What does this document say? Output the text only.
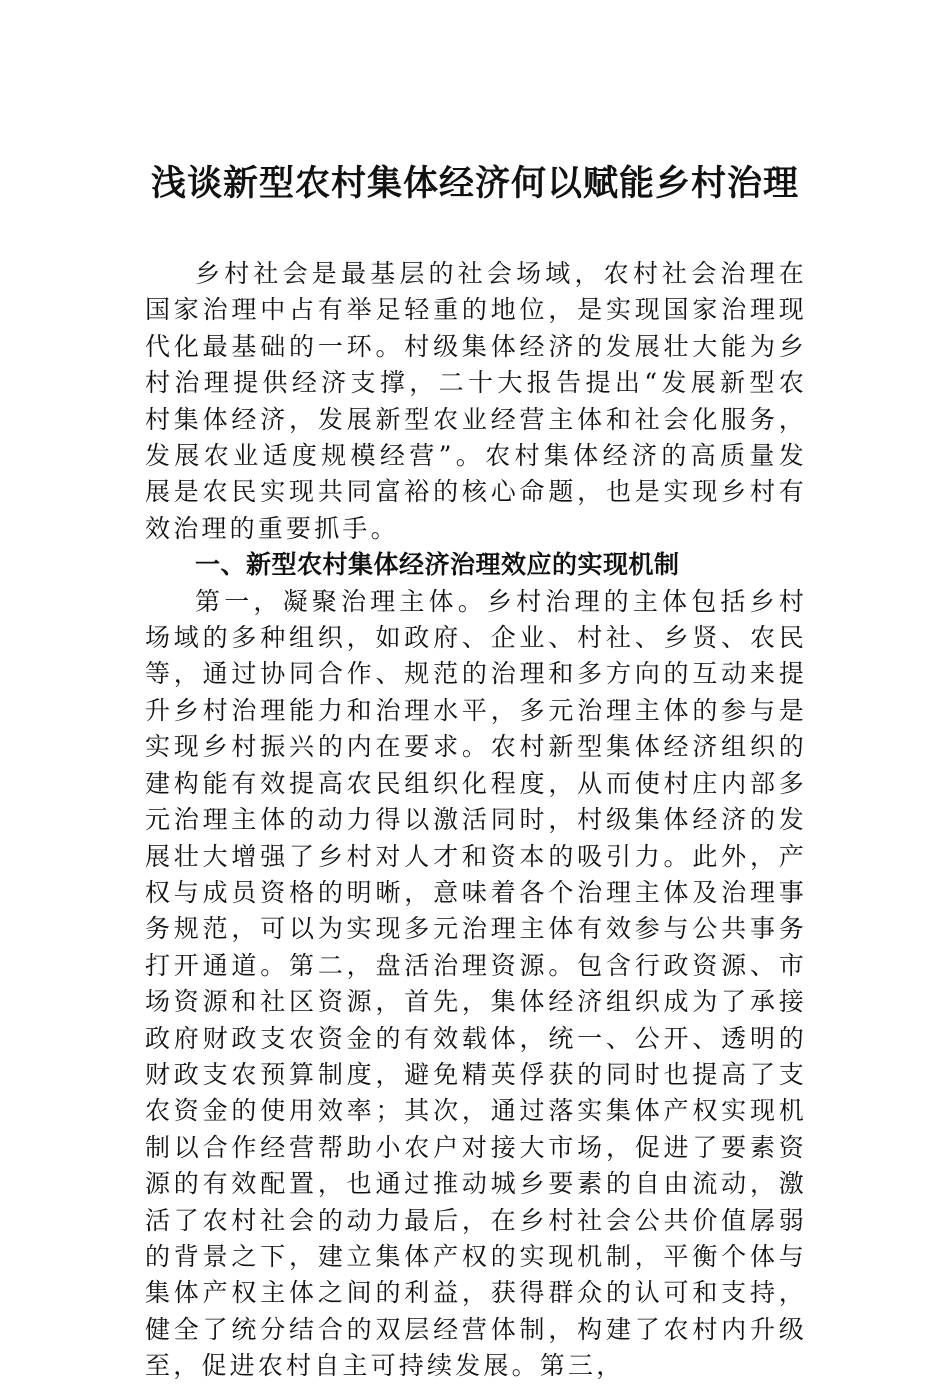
浅谈新型农村集体经济何以赋能乡村治理

乡村社会是最基层的社会场域，农村社会治理在国家治理中占有举足轻重的地位，是实现国家治理现代化最基础的一环。村级集体经济的发展壮大能为乡村治理提供经济支撑，二十大报告提出“发展新型农村集体经济，发展新型农业经营主体和社会化服务，发展农业适度规模经营”。农村集体经济的高质量发展是农民实现共同富裕的核心命题，也是实现乡村有效治理的重要抓手。

一、新型农村集体经济治理效应的实现机制

第一，凝聚治理主体。乡村治理的主体包括乡村场域的多种组织，如政府、企业、村社、乡贤、农民等，通过协同合作、规范的治理和多方向的互动来提升乡村治理能力和治理水平，多元治理主体的参与是实现乡村振兴的内在要求。农村新型集体经济组织的建构能有效提高农民组织化程度，从而使村庄内部多元治理主体的动力得以激活同时，村级集体经济的发展壮大增强了乡村对人才和资本的吸引力。此外，产权与成员资格的明晰，意味着各个治理主体及治理事务规范，可以为实现多元治理主体有效参与公共事务打开通道。第二，盘活治理资源。包含行政资源、市场资源和社区资源，首先，集体经济组织成为了承接政府财政支农资金的有效载体，统一、公开、透明的财政支农预算制度，避免精英俘获的同时也提高了支农资金的使用效率；其次，通过落实集体产权实现机制以合作经营帮助小农户对接大市场，促进了要素资源的有效配置，也通过推动城乡要素的自由流动，激活了农村社会的动力最后，在乡村社会公共价值孱弱的背景之下，建立集体产权的实现机制，平衡个体与集体产权主体之间的利益，获得群众的认可和支持，健全了统分结合的双层经营体制，构建了农村内升级至，促进农村自主可持续发展。第三，
